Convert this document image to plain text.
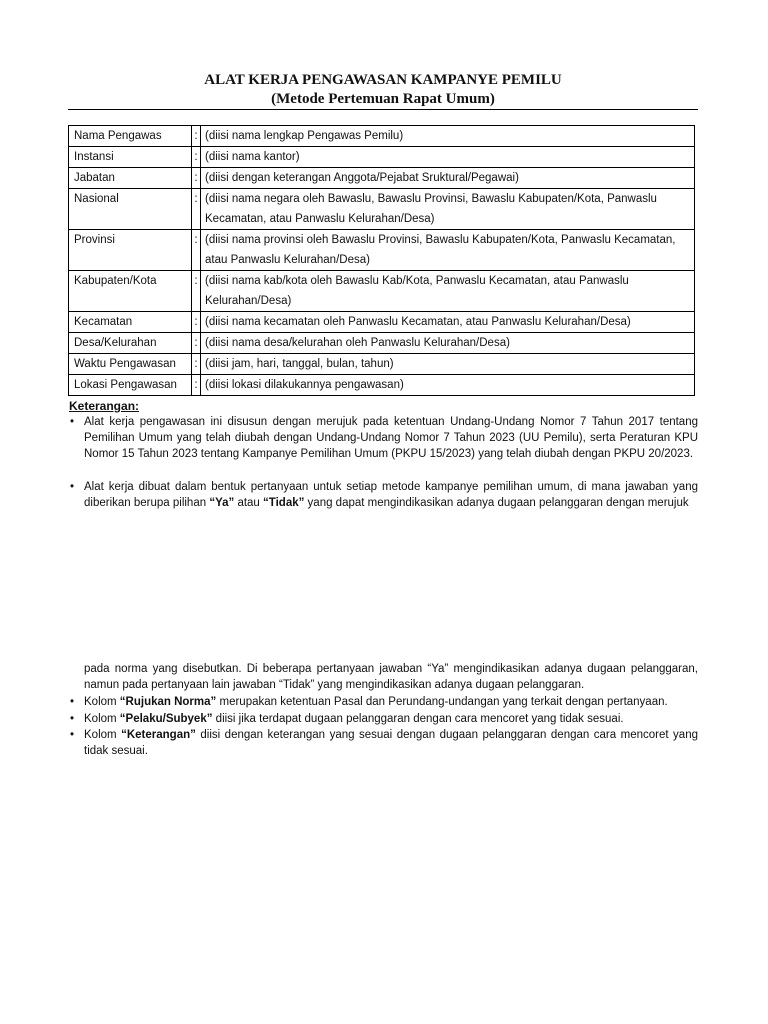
ALAT KERJA PENGAWASAN KAMPANYE PEMILU
(Metode Pertemuan Rapat Umum)
Nama Pengawas	:	(diisi nama lengkap Pengawas Pemilu)
Instansi	:	(diisi nama kantor)
Jabatan	:	(diisi dengan keterangan Anggota/Pejabat Sruktural/Pegawai)
Nasional	:	(diisi nama negara oleh Bawaslu, Bawaslu Provinsi, Bawaslu Kabupaten/Kota, Panwaslu Kecamatan, atau Panwaslu Kelurahan/Desa)
Provinsi	:	(diisi nama provinsi oleh Bawaslu Provinsi, Bawaslu Kabupaten/Kota, Panwaslu Kecamatan, atau Panwaslu Kelurahan/Desa)
Kabupaten/Kota	:	(diisi nama kab/kota oleh Bawaslu Kab/Kota, Panwaslu Kecamatan, atau Panwaslu Kelurahan/Desa)
Kecamatan	:	(diisi nama kecamatan oleh Panwaslu Kecamatan, atau Panwaslu Kelurahan/Desa)
Desa/Kelurahan	:	(diisi nama desa/kelurahan oleh Panwaslu Kelurahan/Desa)
Waktu Pengawasan	:	(diisi jam, hari, tanggal, bulan, tahun)
Lokasi Pengawasan	:	(diisi lokasi dilakukannya pengawasan)
Keterangan:
• Alat kerja pengawasan ini disusun dengan merujuk pada ketentuan Undang-Undang Nomor 7 Tahun 2017 tentang Pemilihan Umum yang telah diubah dengan Undang-Undang Nomor 7 Tahun 2023 (UU Pemilu), serta Peraturan KPU Nomor 15 Tahun 2023 tentang Kampanye Pemilihan Umum (PKPU 15/2023) yang telah diubah dengan PKPU 20/2023.
• Alat kerja dibuat dalam bentuk pertanyaan untuk setiap metode kampanye pemilihan umum, di mana jawaban yang diberikan berupa pilihan “Ya” atau “Tidak” yang dapat mengindikasikan adanya dugaan pelanggaran dengan merujuk
pada norma yang disebutkan. Di beberapa pertanyaan jawaban “Ya” mengindikasikan adanya dugaan pelanggaran, namun pada pertanyaan lain jawaban “Tidak” yang mengindikasikan adanya dugaan pelanggaran.
• Kolom “Rujukan Norma” merupakan ketentuan Pasal dan Perundang-undangan yang terkait dengan pertanyaan.
• Kolom “Pelaku/Subyek” diisi jika terdapat dugaan pelanggaran dengan cara mencoret yang tidak sesuai.
• Kolom “Keterangan” diisi dengan keterangan yang sesuai dengan dugaan pelanggaran dengan cara mencoret yang tidak sesuai.
